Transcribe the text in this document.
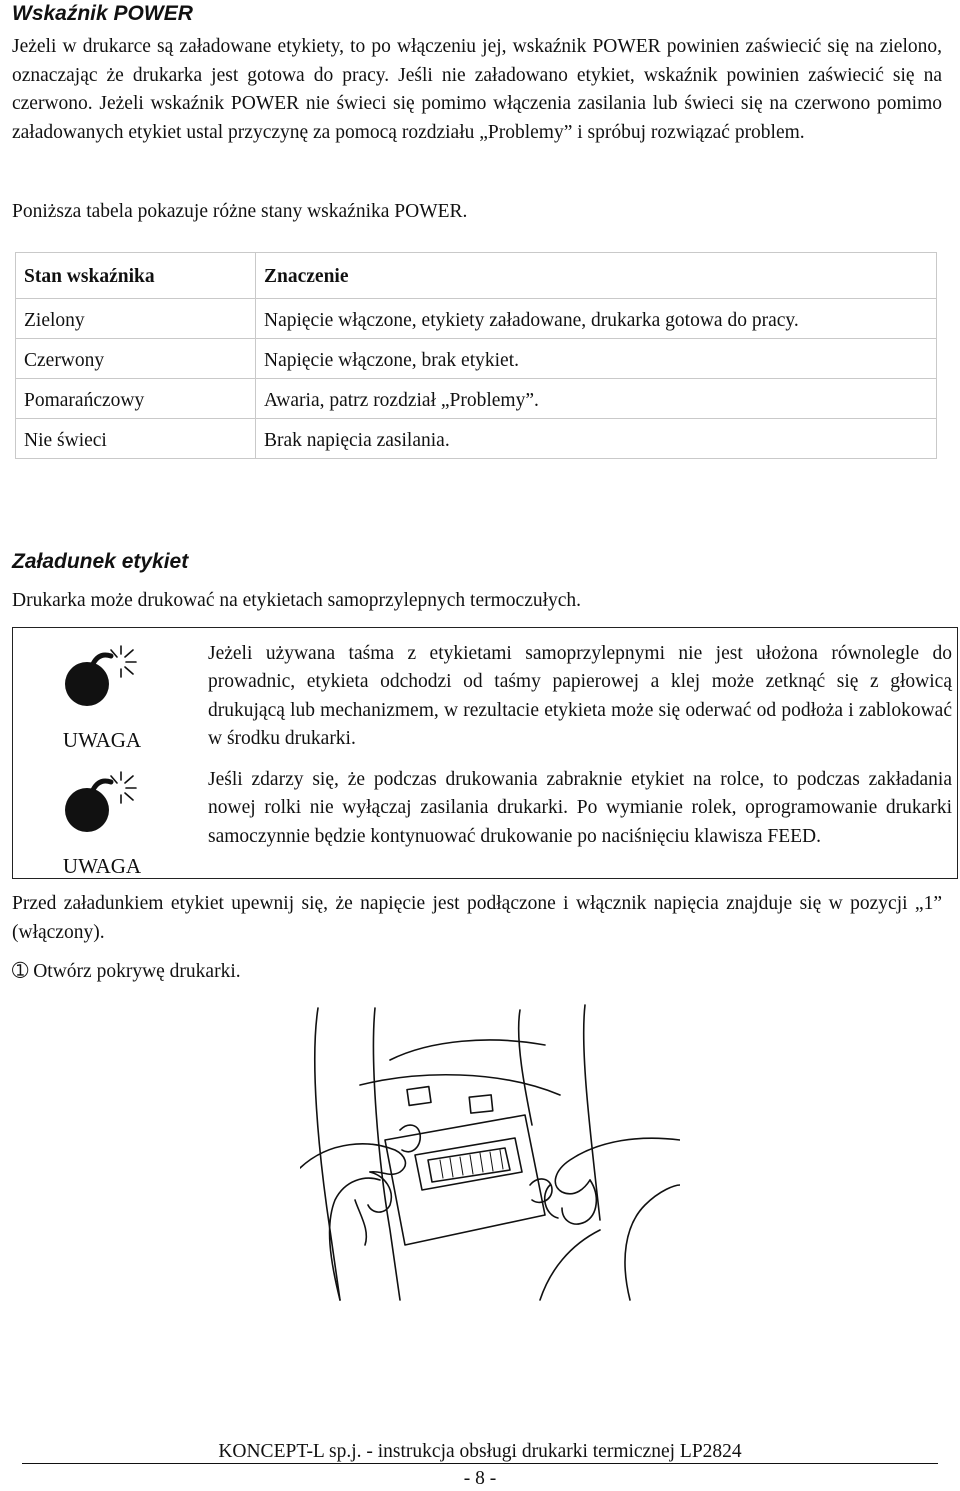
Wskaźnik POWER

Jeżeli w drukarce są załadowane etykiety, to po włączeniu jej, wskaźnik POWER powinien zaświecić się na zielono, oznaczając że drukarka jest gotowa do pracy. Jeśli nie załadowano etykiet, wskaźnik powinien zaświecić się na czerwono. Jeżeli wskaźnik POWER nie świeci się pomimo włączenia zasilania lub świeci się na czerwono pomimo załadowanych etykiet ustal przyczynę za pomocą rozdziału „Problemy” i spróbuj rozwiązać problem.

Poniższa tabela pokazuje różne stany wskaźnika POWER.

Stan wskaźnika	Znaczenie
Zielony	Napięcie włączone, etykiety załadowane, drukarka gotowa do pracy.
Czerwony	Napięcie włączone, brak etykiet.
Pomarańczowy	Awaria, patrz rozdział „Problemy”.
Nie świeci	Brak napięcia zasilania.
Załadunek etykiet

Drukarka może drukować na etykietach samoprzylepnych termoczułych.

UWAGA

Jeżeli używana taśma z etykietami samoprzylepnymi nie jest ułożona równolegle do prowadnic, etykieta odchodzi od taśmy papierowej a klej może zetknąć się z głowicą drukującą lub mechanizmem, w rezultacie etykieta może się oderwać od podłoża i zablokować w środku drukarki.

UWAGA

Jeśli zdarzy się, że podczas drukowania zabraknie etykiet na rolce, to podczas zakładania nowej rolki nie wyłączaj zasilania drukarki. Po wymianie rolek, oprogramowanie drukarki samoczynnie będzie kontynuować drukowanie po naciśnięciu klawisza FEED.

Przed załadunkiem etykiet upewnij się, że napięcie jest podłączone i włącznik napięcia znajduje się w pozycji „1” (włączony).

➀ Otwórz pokrywę drukarki.
KONCEPT-L sp.j. - instrukcja obsługi drukarki termicznej LP2824
- 8 -
